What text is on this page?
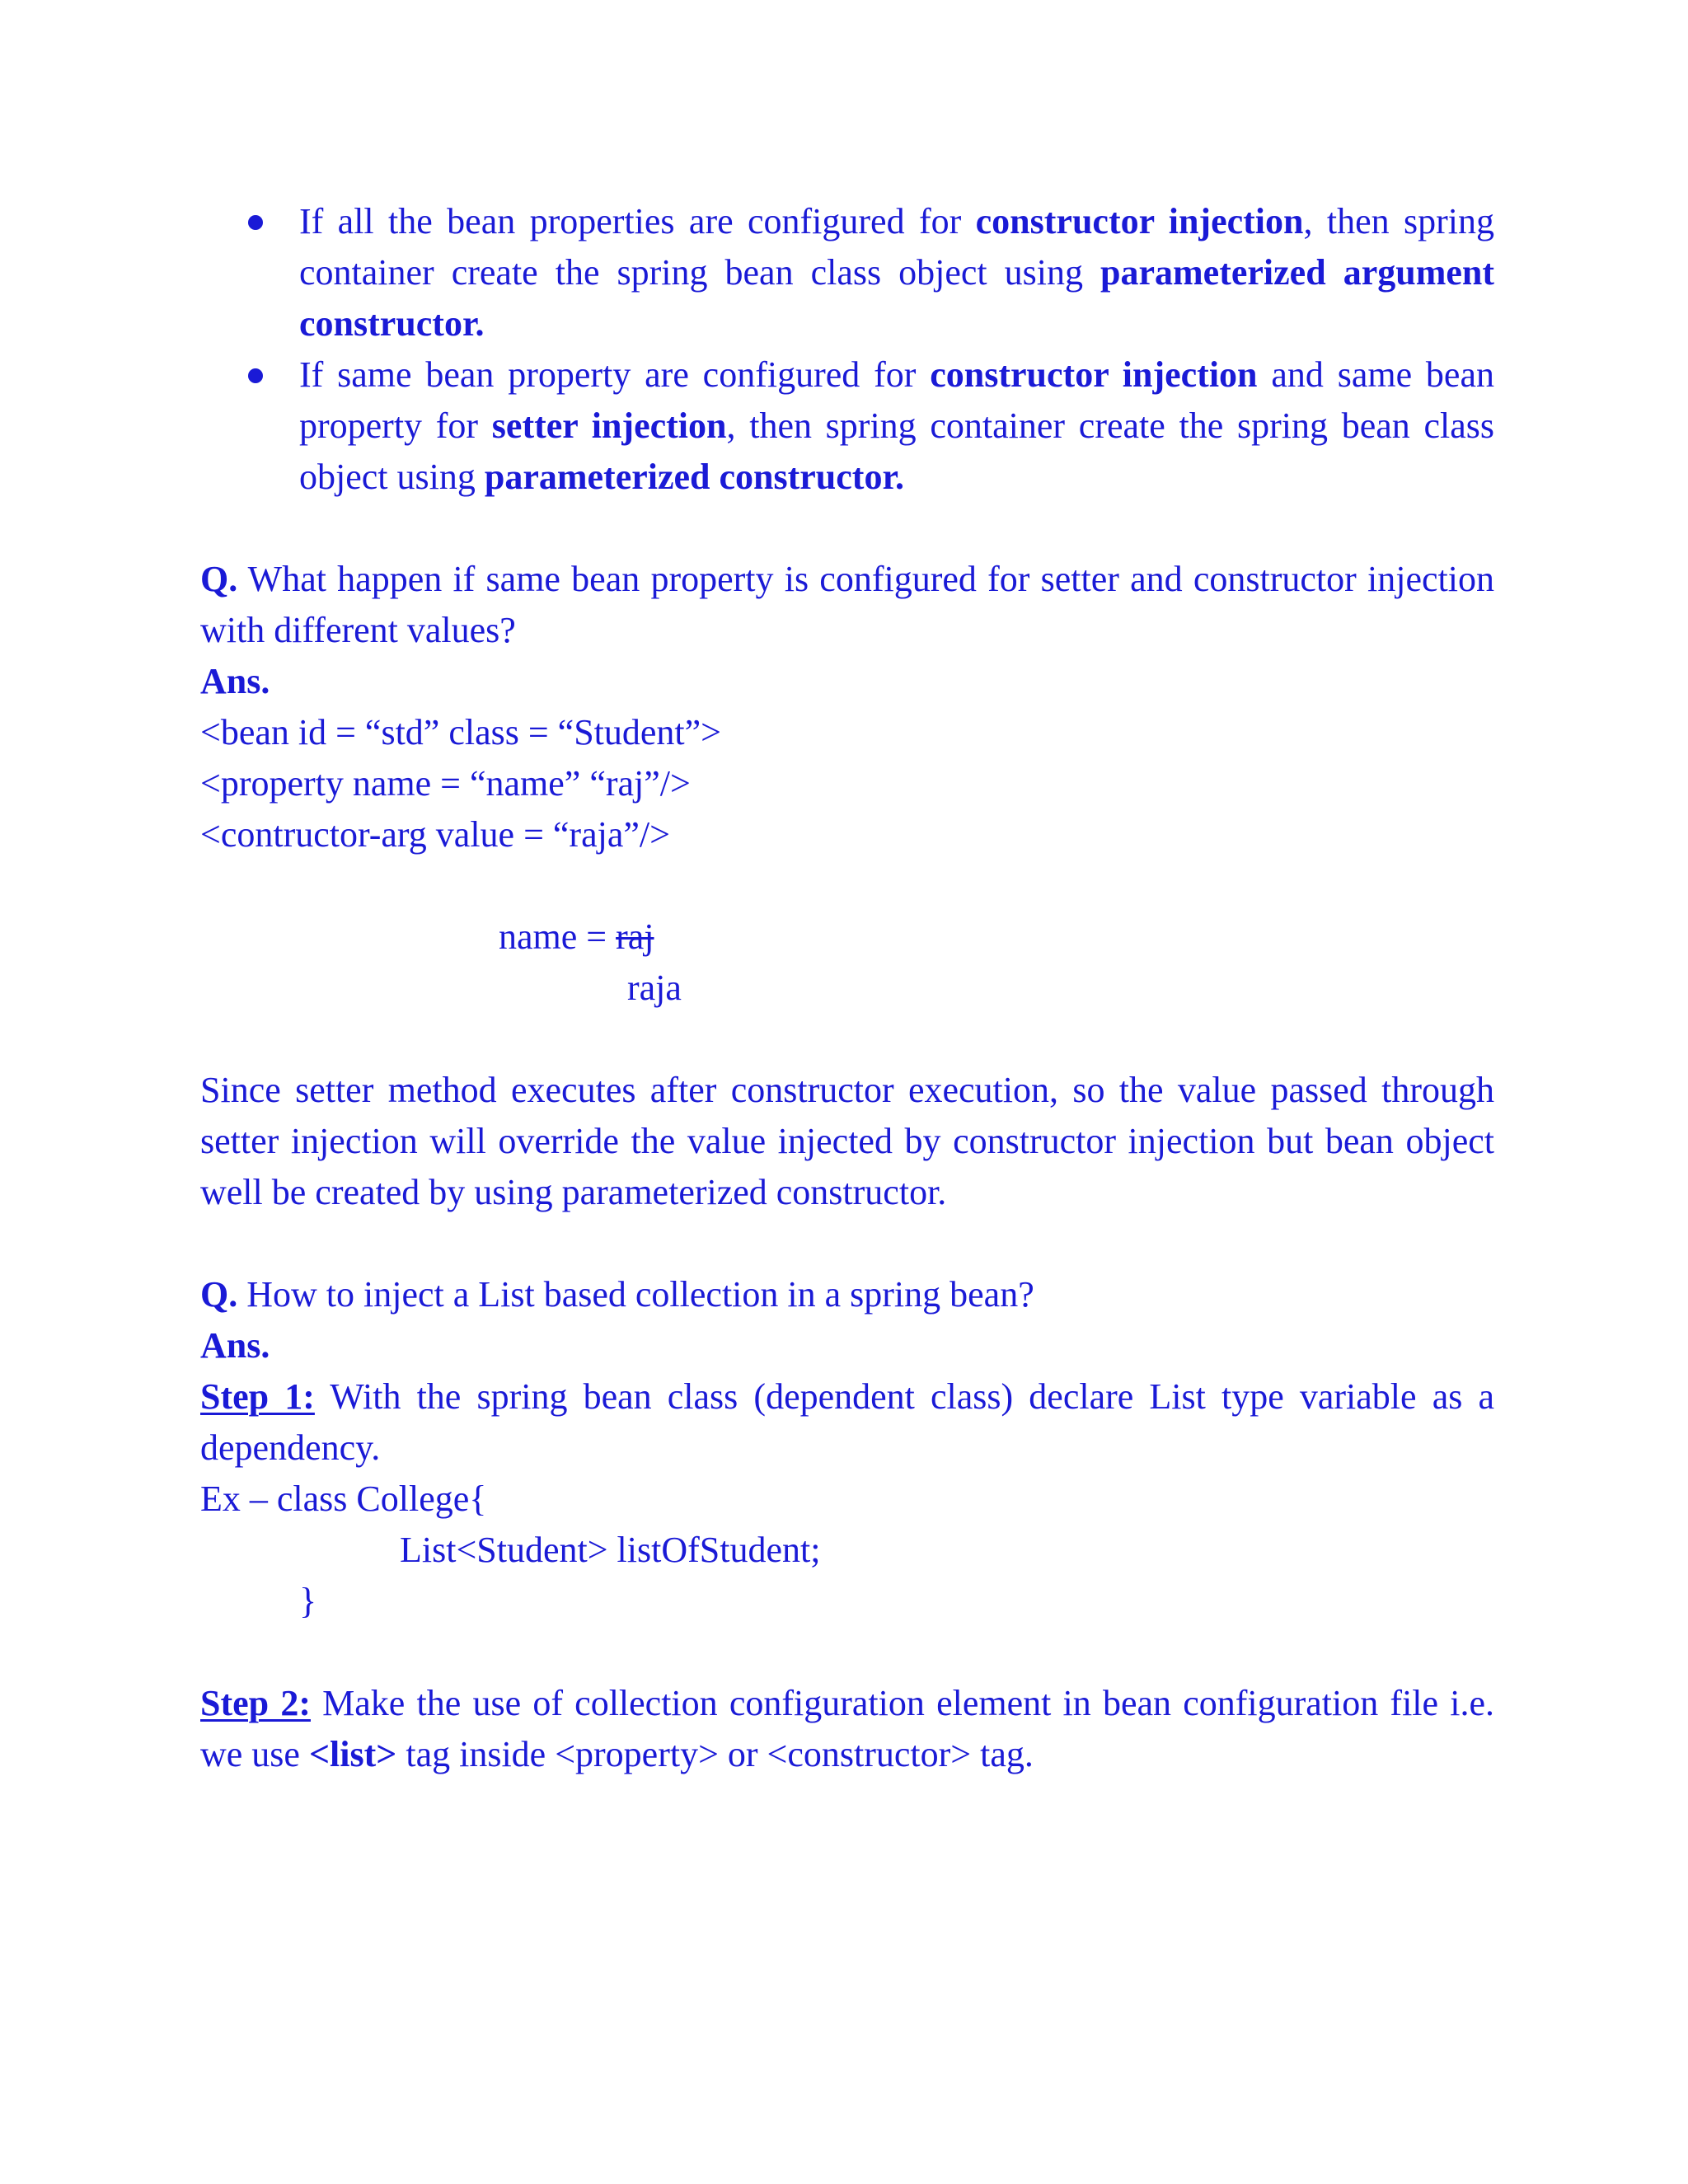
If all the bean properties are configured for constructor injection, then spring container create the spring bean class object using parameterized argument constructor.
If same bean property are configured for constructor injection and same bean property for setter injection, then spring container create the spring bean class object using parameterized constructor.

Q. What happen if same bean property is configured for setter and constructor injection with different values?

Ans.

<bean id = “std” class = “Student”>

<property name = “name” “raj”/>

<contructor-arg value = “raja”/>

name = raj

raja

Since setter method executes after constructor execution, so the value passed through setter injection will override the value injected by constructor injection but bean object well be created by using parameterized constructor.

Q. How to inject a List based collection in a spring bean?

Ans.

Step 1: With the spring bean class (dependent class) declare List type variable as a dependency.

Ex – class College{

List<Student> listOfStudent;

}

Step 2: Make the use of collection configuration element in bean configuration file i.e. we use <list> tag inside <property> or <constructor> tag.
